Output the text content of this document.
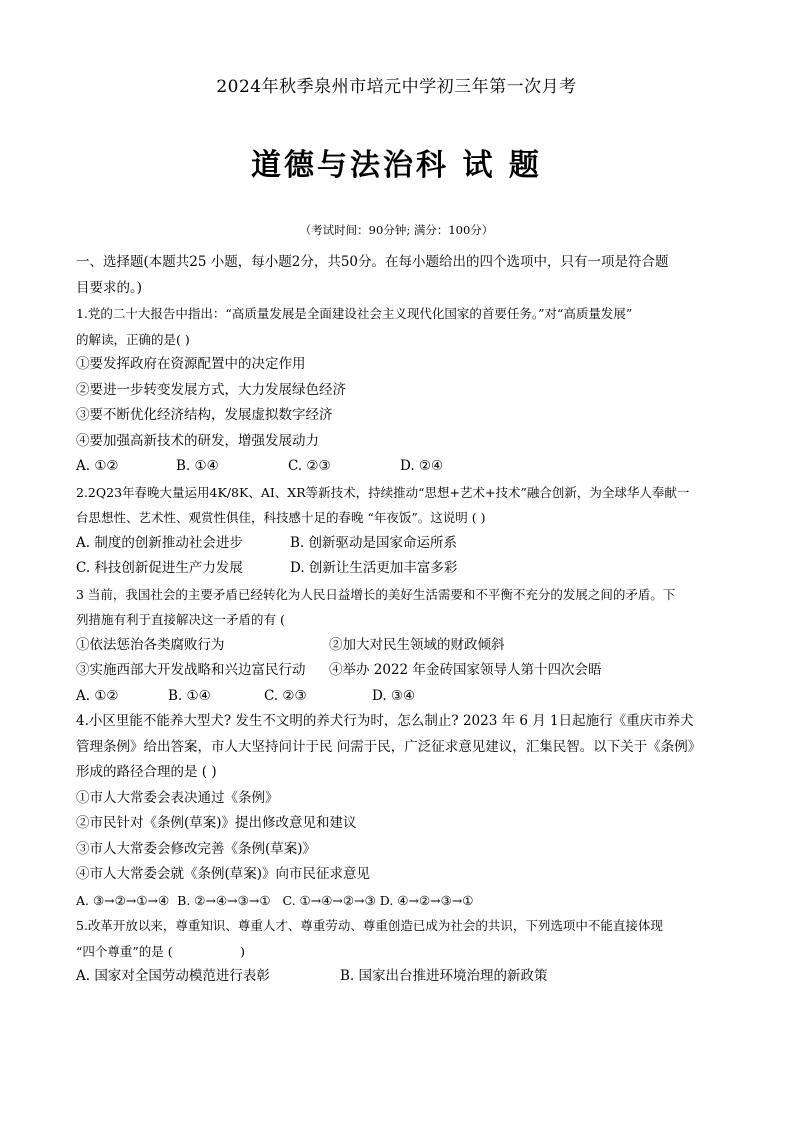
2024年秋季泉州市培元中学初三年第一次月考
道德与法治科 试 题
（考试时间：90分钟; 满分：100分）
一、选择题(本题共25 小题，每小题2分，共50分。在每小题给出的四个选项中，只有一项是符合题
目要求的。)
1.党的二十大报告中指出：“高质量发展是全面建设社会主义现代化国家的首要任务。”对“高质量发展”
的解读，正确的是( )
①要发挥政府在资源配置中的决定作用
②要进一步转变发展方式，大力发展绿色经济
③要不断优化经济结构，发展虚拟数字经济
④要加强高新技术的研发，增强发展动力
A. ①②	B. ①④	C. ②③	D. ②④
2.2Q23年春晚大量运用4K/8K、AI、XR等新技术，持续推动“思想+艺术+技术”融合创新，为全球华人奉献一
台思想性、艺术性、观赏性俱佳，科技感十足的春晚 “年夜饭”。这说明 ( )
A. 制度的创新推动社会进步	B. 创新驱动是国家命运所系
C. 科技创新促进生产力发展	D. 创新让生活更加丰富多彩
3 当前，我国社会的主要矛盾已经转化为人民日益增长的美好生活需要和不平衡不充分的发展之间的矛盾。下
列措施有利于直接解决这一矛盾的有 (
①依法惩治各类腐败行为	②加大对民生领域的财政倾斜
③实施西部大开发战略和兴边富民行动 ④举办 2022 年金砖国家领导人第十四次会晤
A. ①②	B. ①④	C. ②③	D. ③④
4.小区里能不能养大型犬? 发生不文明的养犬行为时，怎么制止? 2023 年 6 月 1日起施行《重庆市养犬
管理条例》给出答案，市人大坚持问计于民 问需于民，广泛征求意见建议，汇集民智。以下关于《条例》
形成的路径合理的是 ( )
①市人大常委会表决通过《条例》
②市民针对《条例(草案)》提出修改意见和建议
③市人大常委会修改完善《条例(草案)》
④市人大常委会就《条例(草案)》向市民征求意见
A. ③→②→①→④  B. ②→④→③→①   C. ①→④→②→③ D. ④→②→③→①
5.改革开放以来，尊重知识、尊重人才、尊重劳动、尊重创造已成为社会的共识，下列选项中不能直接体现
“四个尊重”的是 (                 )
A. 国家对全国劳动模范进行表彰	B. 国家出台推进环境治理的新政策
